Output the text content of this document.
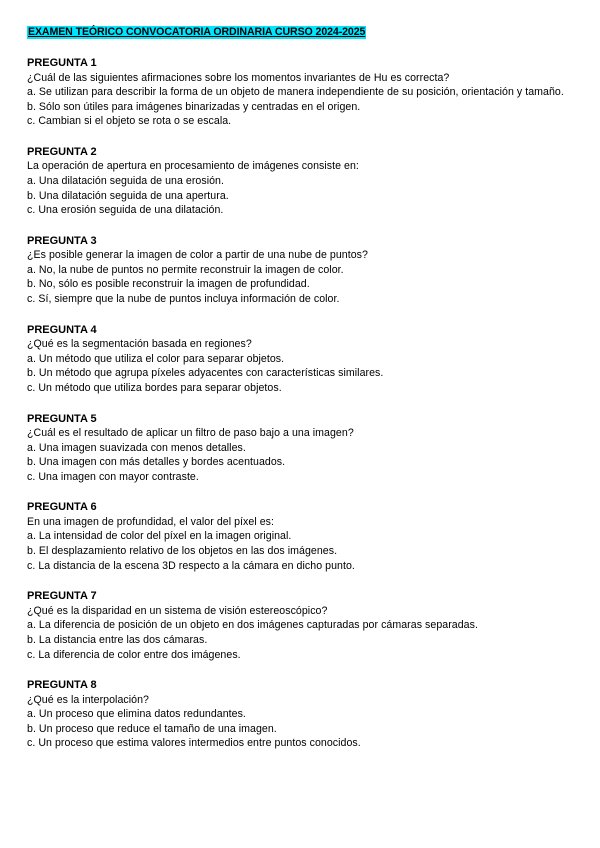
EXAMEN TEÓRICO CONVOCATORIA ORDINARIA CURSO 2024-2025
PREGUNTA 1
¿Cuál de las siguientes afirmaciones sobre los momentos invariantes de Hu es correcta?
a. Se utilizan para describir la forma de un objeto de manera independiente de su posición, orientación y tamaño.
b. Sólo son útiles para imágenes binarizadas y centradas en el origen.
c. Cambian si el objeto se rota o se escala.
PREGUNTA 2
La operación de apertura en procesamiento de imágenes consiste en:
a. Una dilatación seguida de una erosión.
b. Una dilatación seguida de una apertura.
c. Una erosión seguida de una dilatación.
PREGUNTA 3
¿Es posible generar la imagen de color a partir de una nube de puntos?
a. No, la nube de puntos no permite reconstruir la imagen de color.
b. No, sólo es posible reconstruir la imagen de profundidad.
c. Sí, siempre que la nube de puntos incluya información de color.
PREGUNTA 4
¿Qué es la segmentación basada en regiones?
a. Un método que utiliza el color para separar objetos.
b. Un método que agrupa píxeles adyacentes con características similares.
c. Un método que utiliza bordes para separar objetos.
PREGUNTA 5
¿Cuál es el resultado de aplicar un filtro de paso bajo a una imagen?
a. Una imagen suavizada con menos detalles.
b. Una imagen con más detalles y bordes acentuados.
c. Una imagen con mayor contraste.
PREGUNTA 6
En una imagen de profundidad, el valor del píxel es:
a. La intensidad de color del píxel en la imagen original.
b. El desplazamiento relativo de los objetos en las dos imágenes.
c. La distancia de la escena 3D respecto a la cámara en dicho punto.
PREGUNTA 7
¿Qué es la disparidad en un sistema de visión estereoscópico?
a. La diferencia de posición de un objeto en dos imágenes capturadas por cámaras separadas.
b. La distancia entre las dos cámaras.
c. La diferencia de color entre dos imágenes.
PREGUNTA 8
¿Qué es la interpolación?
a. Un proceso que elimina datos redundantes.
b. Un proceso que reduce el tamaño de una imagen.
c. Un proceso que estima valores intermedios entre puntos conocidos.
